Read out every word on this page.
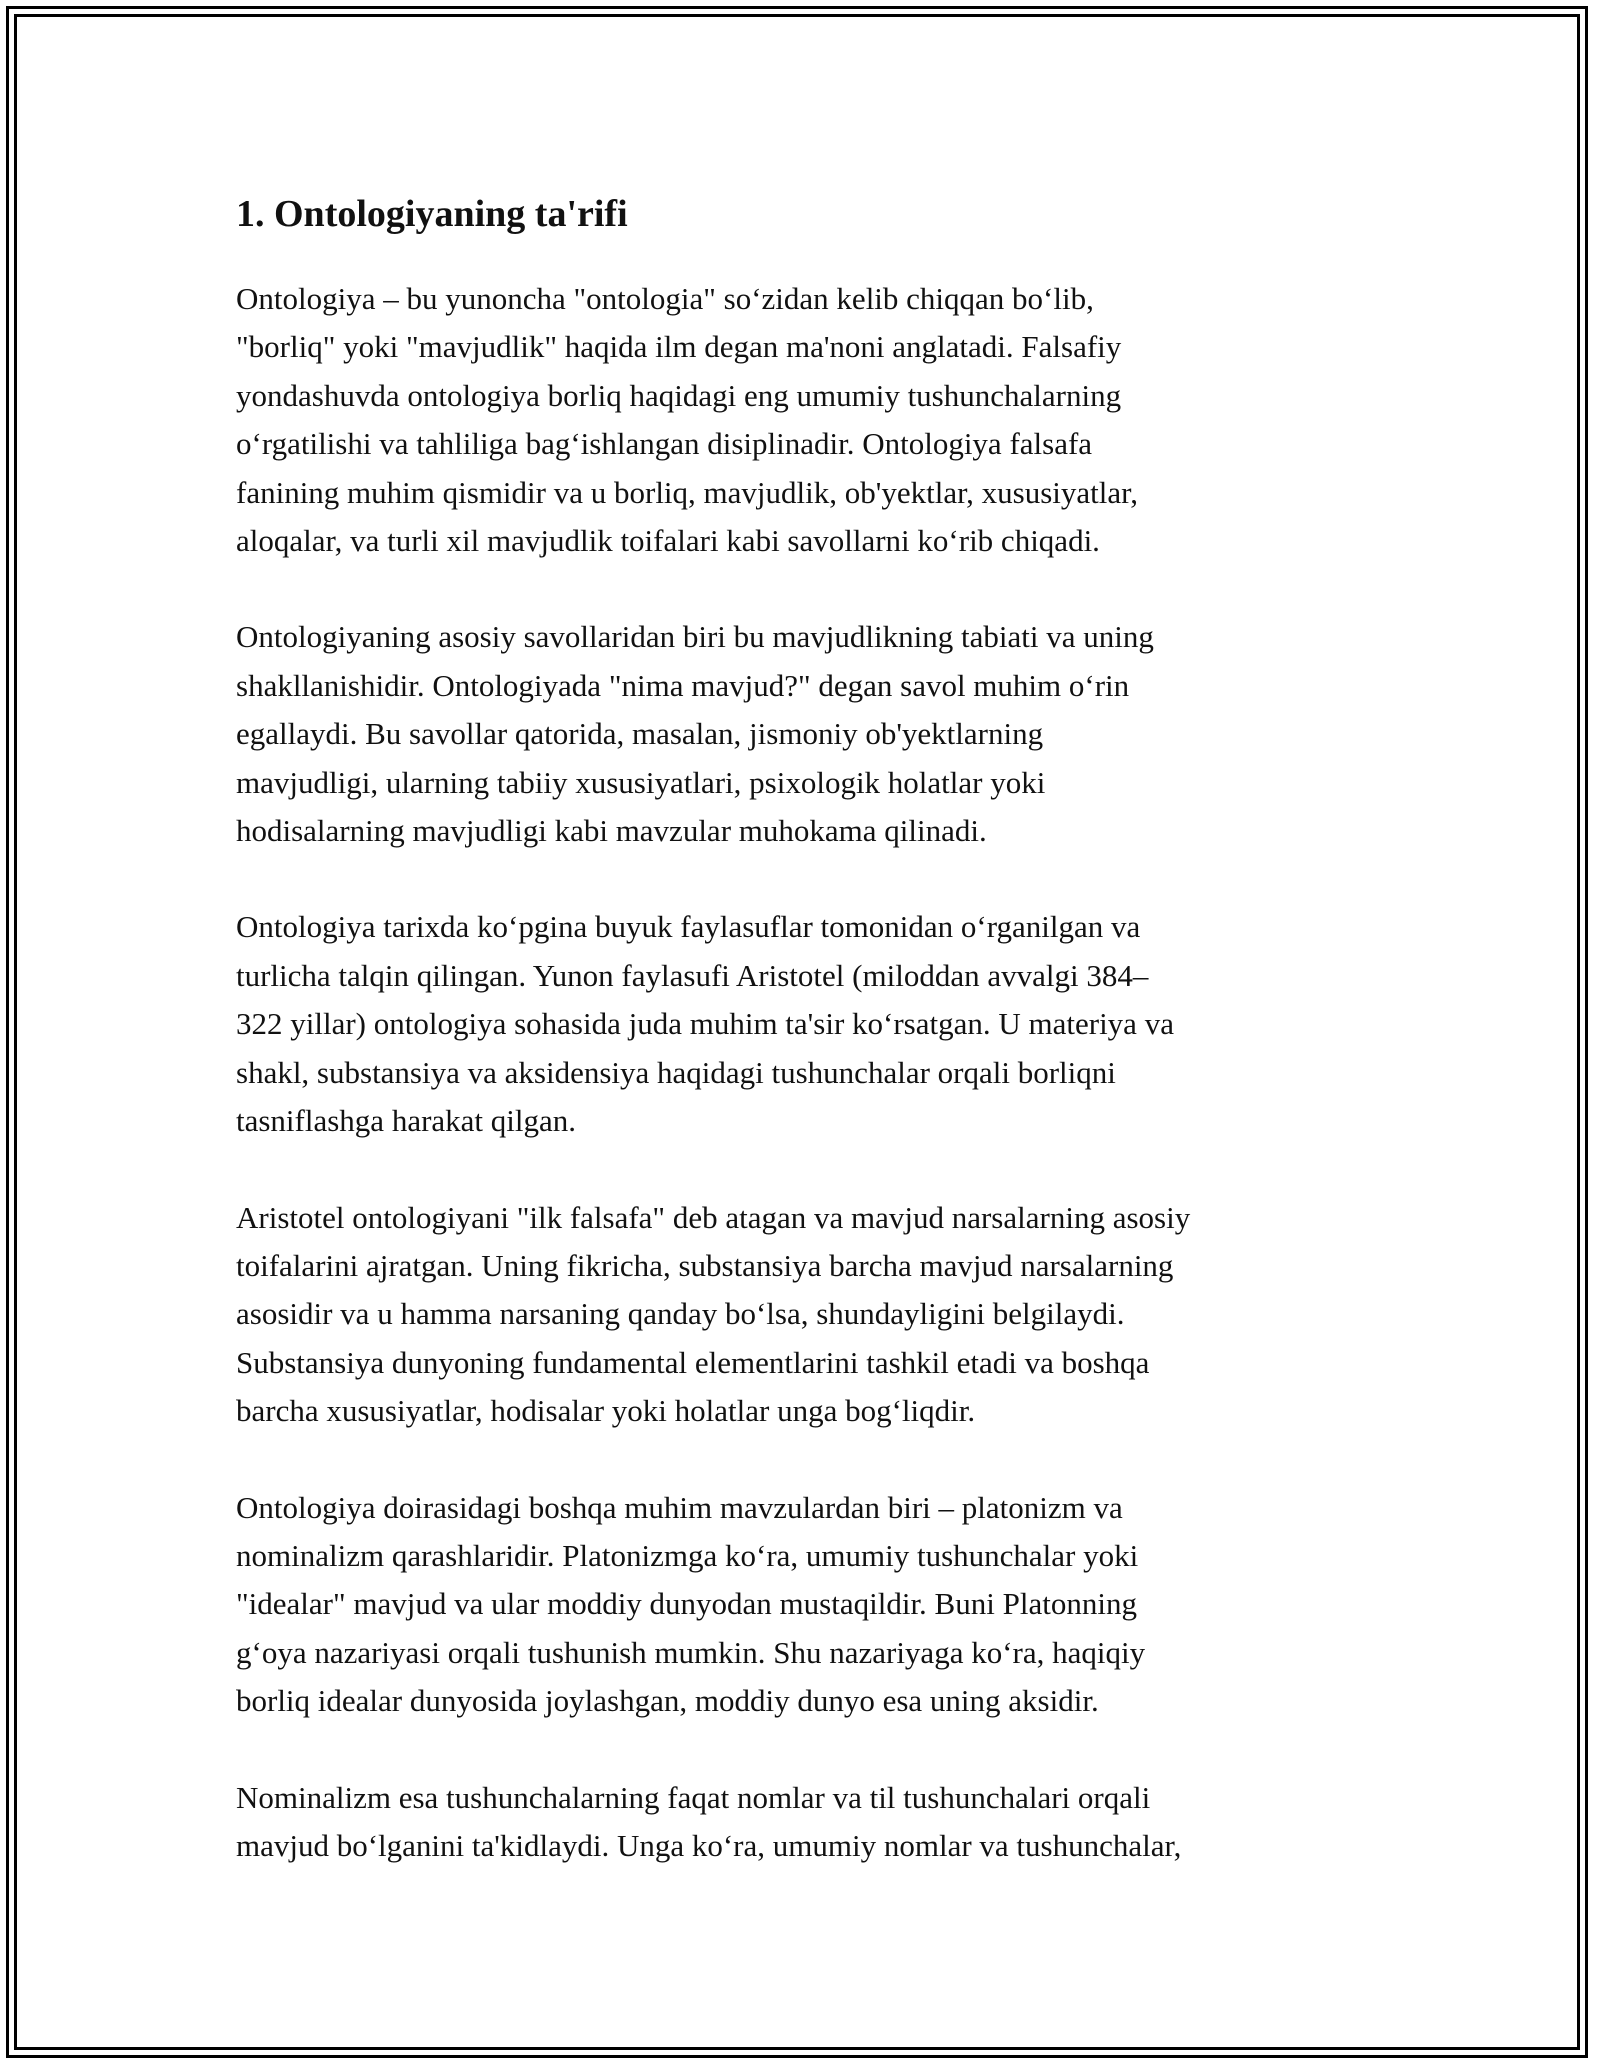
1. Ontologiyaning ta'rifi
Ontologiya – bu yunoncha "ontologia" so‘zidan kelib chiqqan bo‘lib,
"borliq" yoki "mavjudlik" haqida ilm degan ma'noni anglatadi. Falsafiy
yondashuvda ontologiya borliq haqidagi eng umumiy tushunchalarning
o‘rgatilishi va tahliliga bag‘ishlangan disiplinadir. Ontologiya falsafa
fanining muhim qismidir va u borliq, mavjudlik, ob'yektlar, xususiyatlar,
aloqalar, va turli xil mavjudlik toifalari kabi savollarni ko‘rib chiqadi.
Ontologiyaning asosiy savollaridan biri bu mavjudlikning tabiati va uning
shakllanishidir. Ontologiyada "nima mavjud?" degan savol muhim o‘rin
egallaydi. Bu savollar qatorida, masalan, jismoniy ob'yektlarning
mavjudligi, ularning tabiiy xususiyatlari, psixologik holatlar yoki
hodisalarning mavjudligi kabi mavzular muhokama qilinadi.
Ontologiya tarixda ko‘pgina buyuk faylasuflar tomonidan o‘rganilgan va
turlicha talqin qilingan. Yunon faylasufi Aristotel (miloddan avvalgi 384–
322 yillar) ontologiya sohasida juda muhim ta'sir ko‘rsatgan. U materiya va
shakl, substansiya va aksidensiya haqidagi tushunchalar orqali borliqni
tasniflashga harakat qilgan.
Aristotel ontologiyani "ilk falsafa" deb atagan va mavjud narsalarning asosiy
toifalarini ajratgan. Uning fikricha, substansiya barcha mavjud narsalarning
asosidir va u hamma narsaning qanday bo‘lsa, shundayligini belgilaydi.
Substansiya dunyoning fundamental elementlarini tashkil etadi va boshqa
barcha xususiyatlar, hodisalar yoki holatlar unga bog‘liqdir.
Ontologiya doirasidagi boshqa muhim mavzulardan biri – platonizm va
nominalizm qarashlaridir. Platonizmga ko‘ra, umumiy tushunchalar yoki
"idealar" mavjud va ular moddiy dunyodan mustaqildir. Buni Platonning
g‘oya nazariyasi orqali tushunish mumkin. Shu nazariyaga ko‘ra, haqiqiy
borliq idealar dunyosida joylashgan, moddiy dunyo esa uning aksidir.
Nominalizm esa tushunchalarning faqat nomlar va til tushunchalari orqali
mavjud bo‘lganini ta'kidlaydi. Unga ko‘ra, umumiy nomlar va tushunchalar,
